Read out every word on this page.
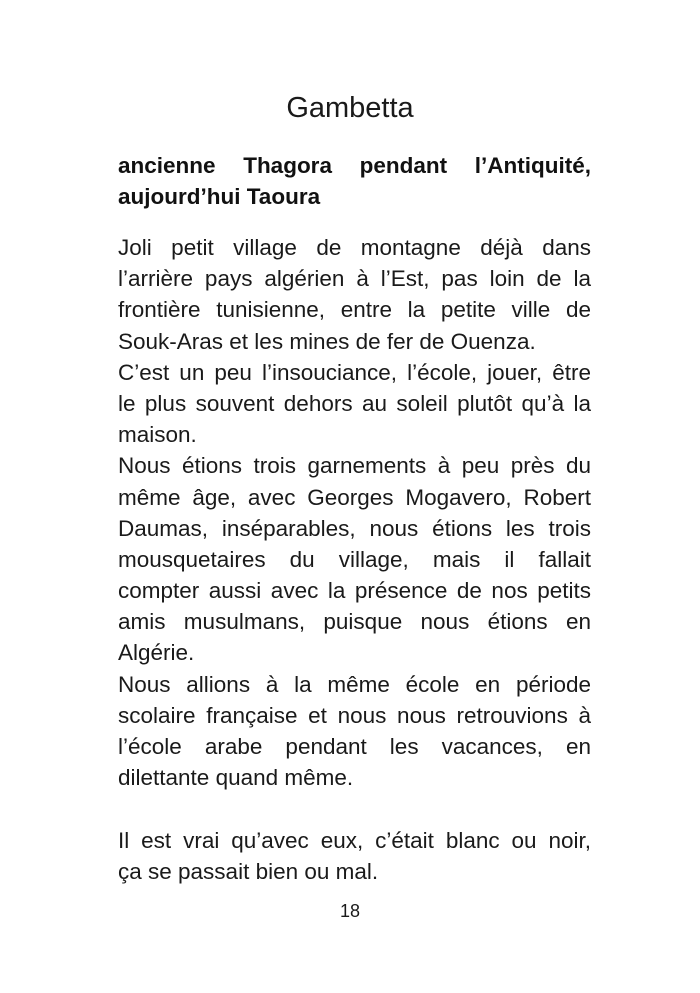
Gambetta
ancienne Thagora pendant l’Antiquité,
aujourd’hui Taoura
Joli petit village de montagne déjà dans
l’arrière pays algérien à l’Est, pas loin de la
frontière tunisienne, entre la petite ville de
Souk-Aras et les mines de fer de Ouenza.
C’est un peu l’insouciance, l’école, jouer, être
le plus souvent dehors au soleil plutôt qu’à la
maison.
Nous étions trois garnements à peu près du
même âge, avec Georges Mogavero, Robert
Daumas, inséparables, nous étions les trois
mousquetaires du village, mais il fallait
compter aussi avec la présence de nos petits
amis musulmans, puisque nous étions en
Algérie.
Nous allions à la même école en période
scolaire française et nous nous retrouvions à
l’école arabe pendant les vacances, en
dilettante quand même.
Il est vrai qu’avec eux, c’était blanc ou noir,
ça se passait bien ou mal.
18
